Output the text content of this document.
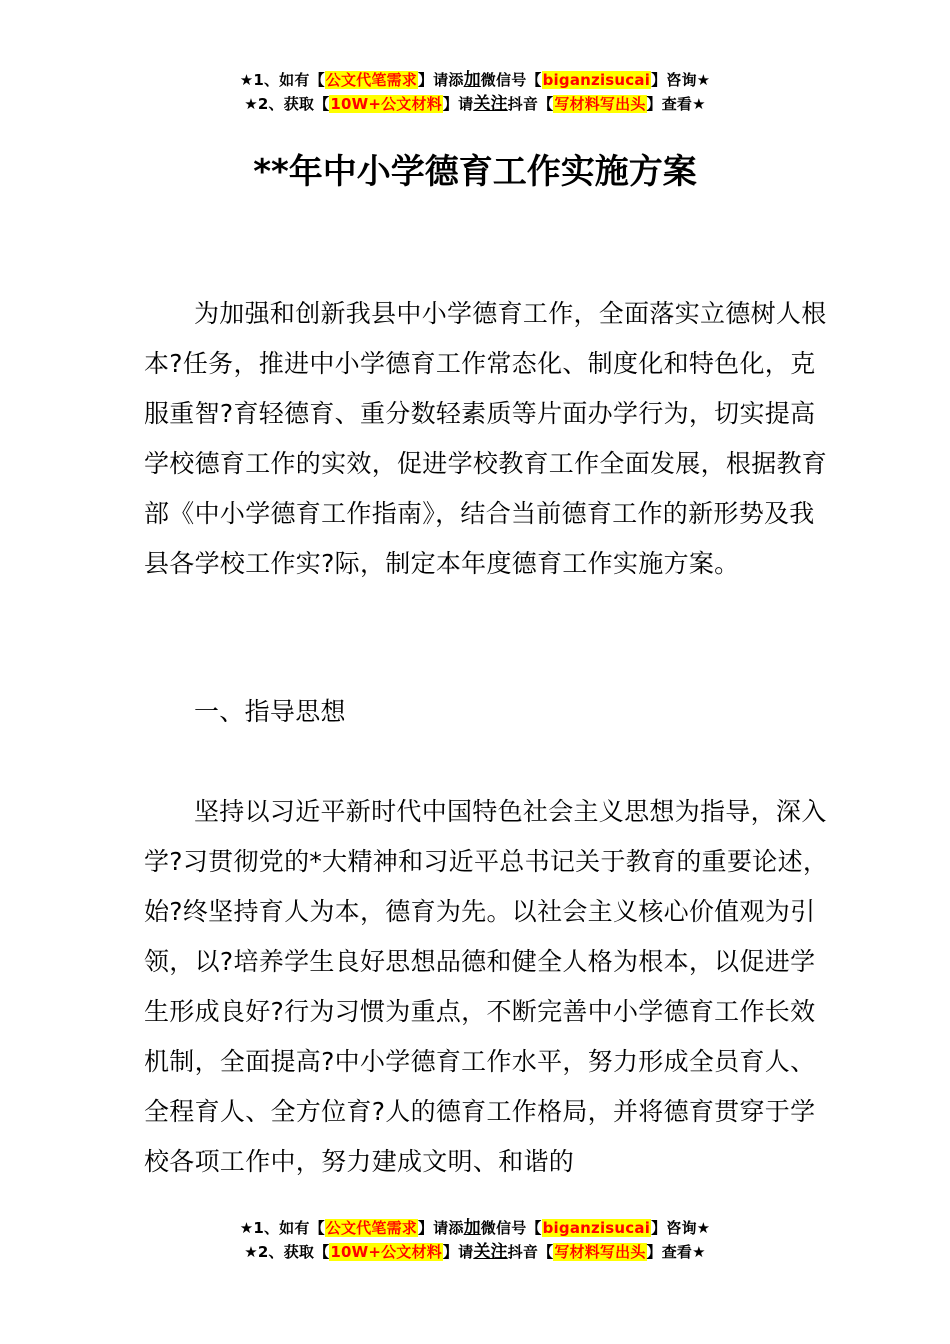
★1、如有【公文代笔需求】请添加微信号【biganzisucai】咨询★
★2、获取【10W+公文材料】请关注抖音【写材料写出头】查看★
**年中小学德育工作实施方案

为加强和创新我县中小学德育工作，全面落实立德树人根本?任务，推进中小学德育工作常态化、制度化和特色化，克服重智?育轻德育、重分数轻素质等片面办学行为，切实提高学校德育工作的实效，促进学校教育工作全面发展，根据教育部《中小学德育工作指南》，结合当前德育工作的新形势及我县各学校工作实?际，制定本年度德育工作实施方案。

一、指导思想

坚持以习近平新时代中国特色社会主义思想为指导，深入学?习贯彻党的*大精神和习近平总书记关于教育的重要论述，始?终坚持育人为本，德育为先。以社会主义核心价值观为引领，以?培养学生良好思想品德和健全人格为根本，以促进学生形成良好?行为习惯为重点，不断完善中小学德育工作长效机制，全面提高?中小学德育工作水平，努力形成全员育人、全程育人、全方位育?人的德育工作格局，并将德育贯穿于学校各项工作中，努力建成文明、和谐的

★1、如有【公文代笔需求】请添加微信号【biganzisucai】咨询★
★2、获取【10W+公文材料】请关注抖音【写材料写出头】查看★
